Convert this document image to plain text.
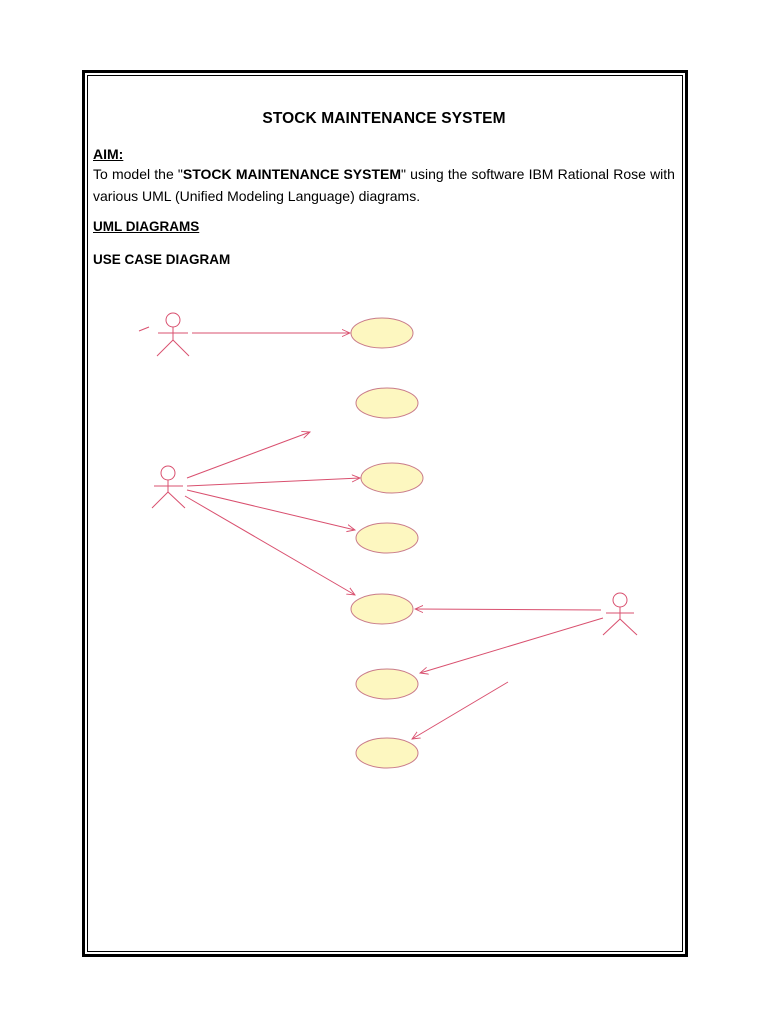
STOCK MAINTENANCE SYSTEM
AIM:
To model the "STOCK MAINTENANCE SYSTEM" using the software IBM Rational Rose with various UML (Unified Modeling Language) diagrams.
UML DIAGRAMS
USE CASE DIAGRAM
